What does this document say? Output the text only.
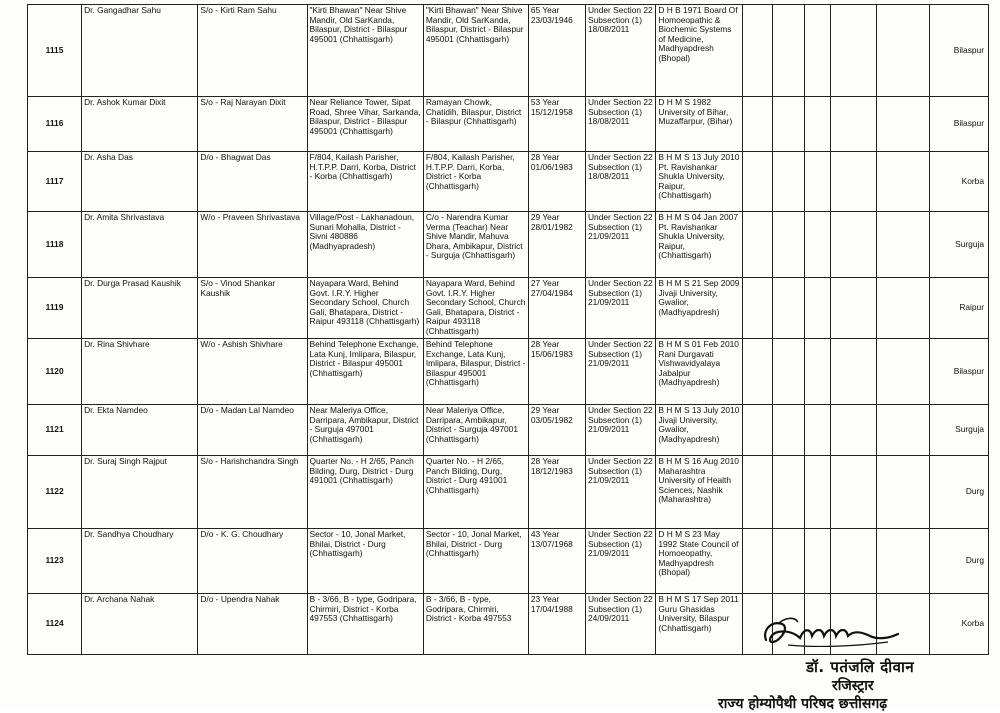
1115	Dr. Gangadhar Sahu	S/o - Kirti Ram Sahu	"Kirti Bhawan" Near Shive Mandir, Old SarKanda, Bilaspur, District - Bilaspur 495001 (Chhattisgarh)	"Kirti Bhawan" Near Shive Mandir, Old SarKanda, Bilaspur, District - Bilaspur 495001 (Chhattisgarh)	65 Year 23/03/1946	Under Section 22 Subsection (1) 18/08/2011	D H B 1971 Board Of Homoeopathic & Biochemic Systems of Medicine, Madhyapdresh (Bhopal)						Bilaspur
1116	Dr. Ashok Kumar Dixit	S/o - Raj Narayan Dixit	Near Reliance Tower, Sipat Road, Shree Vihar, Sarkanda, Bilaspur, District - Bilaspur 495001 (Chhattisgarh)	Ramayan Chowk, Chatidih, Bilaspur, District - Bilaspur (Chhattisgarh)	53 Year 15/12/1958	Under Section 22 Subsection (1) 18/08/2011	D H M S 1982 University of Bihar, Muzaffarpur, (Bihar)						Bilaspur
1117	Dr. Asha Das	D/o - Bhagwat Das	F/804, Kailash Parisher, H.T.P.P. Darri, Korba, District - Korba (Chhattisgarh)	F/804, Kailash Parisher, H.T.P.P. Darri, Korba, District - Korba (Chhattisgarh)	28 Year 01/06/1983	Under Section 22 Subsection (1) 18/08/2011	B H M S 13 July 2010 Pt. Ravishankar Shukla University, Raipur, (Chhattisgarh)						Korba
1118	Dr. Amita Shrivastava	W/o - Praveen Shrivastava	Village/Post - Lakhanadoun, Sunari Mohalla, District - Sivni 480886 (Madhyapradesh)	C/o - Narendra Kumar Verma (Teachar) Near Shive Mandir, Mahuva Dhara, Ambikapur, District - Surguja (Chhattisgarh)	29 Year 28/01/1982	Under Section 22 Subsection (1) 21/09/2011	B H M S 04 Jan 2007 Pt. Ravishankar Shukla University, Raipur, (Chhattisgarh)						Surguja
1119	Dr. Durga Prasad Kaushik	S/o - Vinod Shankar Kaushik	Nayapara Ward, Behind Govt. I.R.Y. Higher Secondary School, Church Gali, Bhatapara, District - Raipur 493118 (Chhattisgarh)	Nayapara Ward, Behind Govt. I.R.Y. Higher Secondary School, Church Gali, Bhatapara, District - Raipur 493118 (Chhattisgarh)	27 Year 27/04/1984	Under Section 22 Subsection (1) 21/09/2011	B H M S 21 Sep 2009 Jivaji University, Gwalior, (Madhyapdresh)						Raipur
1120	Dr. Rina Shivhare	W/o - Ashish Shivhare	Behind Telephone Exchange, Lata Kunj, Imlipara, Bilaspur, District - Bilaspur 495001 (Chhattisgarh)	Behind Telephone Exchange, Lata Kunj, Imlipara, Bilaspur, District - Bilaspur 495001 (Chhattisgarh)	28 Year 15/06/1983	Under Section 22 Subsection (1) 21/09/2011	B H M S 01 Feb 2010 Rani Durgavati Vishwavidyalaya Jabalpur (Madhyapdresh)						Bilaspur
1121	Dr. Ekta Namdeo	D/o - Madan Lal Namdeo	Near Maleriya Office, Darripara, Ambikapur, District - Surguja 497001 (Chhattisgarh)	Near Maleriya Office, Darripara, Ambikapur, District - Surguja 497001 (Chhattisgarh)	29 Year 03/05/1982	Under Section 22 Subsection (1) 21/09/2011	B H M S 13 July 2010 Jivaji University, Gwalior, (Madhyapdresh)						Surguja
1122	Dr. Suraj Singh Rajput	S/o - Harishchandra Singh	Quarter No. - H 2/65, Panch Bilding, Durg, District - Durg 491001 (Chhattisgarh)	Quarter No. - H 2/65, Panch Bilding, Durg, District - Durg 491001 (Chhattisgarh)	28 Year 18/12/1983	Under Section 22 Subsection (1) 21/09/2011	B H M S 16 Aug 2010 Maharashtra University of Health Sciences, Nashik (Maharashtra)						Durg
1123	Dr. Sandhya Choudhary	D/o - K. G. Choudhary	Sector - 10, Jonal Market, Bhilai, District - Durg (Chhattisgarh)	Sector - 10, Jonal Market, Bhilai, District - Durg (Chhattisgarh)	43 Year 13/07/1968	Under Section 22 Subsection (1) 21/09/2011	D H M S 23 May 1992 State Council of Homoeopathy, Madhyapdresh (Bhopal)						Durg
1124	Dr. Archana Nahak	D/o - Upendra Nahak	B - 3/66, B - type, Godripara, Chirmiri, District - Korba 497553 (Chhattisgarh)	B - 3/66, B - type, Godripara, Chirmiri, District - Korba 497553	23 Year 17/04/1988	Under Section 22 Subsection (1) 24/09/2011	B H M S 17 Sep 2011 Guru Ghasidas University, Bilaspur (Chhattisgarh)						Korba
डॉ. पतंजलि दीवान
रजिस्ट्रार
राज्य होम्योपैथी परिषद छत्तीसगढ़
